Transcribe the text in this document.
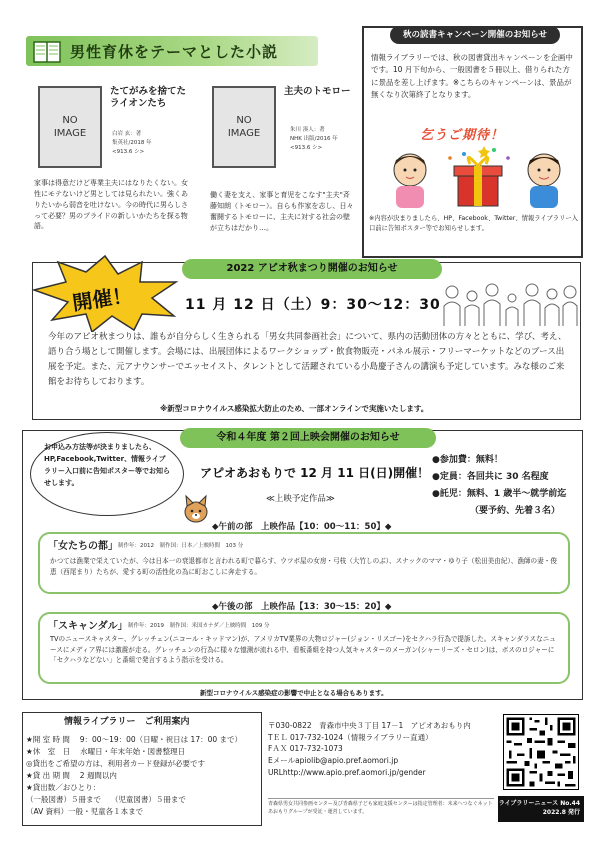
男性育休をテーマとした小説
NO
IMAGE
たてがみを捨てた
ライオンたち
白岩 玄：著
集英社/2018 年
<913.6 シ>
家事は得意だけど専業主夫にはなりたくない。女性にモテないけど男としては見られたい。強くありたいから弱音を吐けない。今の時代に男らしさって必要？男のプライドの新しいかたちを探る物語。
NO
IMAGE
主夫のトモロー
朱川 湊人：著
NHK 出版/2016 年
<913.6 シ>
働く妻を支え、家事と育児をこなす"主夫"斉藤知朗（トモロー）。自らも作家を志し、日々奮闘するトモローに、主夫に対する社会の壁が立ちはだかり…。
秋の読書キャンペーン開催のお知らせ
情報ライブラリーでは、秋の図書貸出キャンペーンを企画中です。10 月下旬から、一般図書を５冊以上、借りられた方に景品を差し上げます。※こちらのキャンペーンは、景品が無くなり次第終了となります。
乞うご期待！
※内容が決まりましたら、HP、Facebook、Twitter、情報ライブラリー入口前に告知ポスター等でお知らせします。
2022 アピオ秋まつり開催のお知らせ
開催！	11 月 12 日（土）9：30～12：30
今年のアピオ秋まつりは、誰もが自分らしく生きられる「男女共同参画社会」について、県内の活動団体の方々とともに、学び、考え、語り合う場として開催します。会場には、出展団体によるワークショップ・飲食物販売・パネル展示・フリーマーケットなどのブース出展を予定。また、元アナウンサーでエッセイスト、タレントとして活躍されている小島慶子さんの講演も予定しています。みな様のご来館をお待ちしております。
※新型コロナウイルス感染拡大防止のため、一部オンラインで実施いたします。
令和４年度 第２回上映会開催のお知らせ
お申込み方法等が決まりましたら、HP,Facebook,Twitter、情報ライブラリー入口前に告知ポスター等でお知らせします。
アピオあおもりで 12 月 11 日(日)開催！
≪上映予定作品≫
●参加費：無料！
●定員：各回共に 30 名程度
●託児：無料、1 歳半～就学前迄
（要予約、先着３名）
◆午前の部　上映作品【10：00～11：50】◆
「女たちの都」 制作年：2012　制作国：日本／上映時間　103 分
かつては漁業で栄えていたが、今は日本一の衰退都市と言われる町で暮らす、ウツボ屋の女房・弓枝（大竹しのぶ）、スナックのママ・ゆり子（松田美由紀）、漁師の妻・俊恵（西尾まり）たちが、愛する町の活性化の為に町おこしに奔走する。
◆午後の部　上映作品【13：30～15：20】◆
「スキャンダル」 制作年：2019　制作国：米国カナダ／上映時間　109 分
TVのニュースキャスター、グレッチェン(ニコール・キッドマン)が、アメリカTV業界の大物ロジャー(ジョン・リスゴー)をセクハラ行為で提訴した。スキャンダラスなニュースにメディア界には激震が走る。グレッチェンの行為に様々な憶測が流れる中、看板番組を持つ人気キャスターのメーガン(シャーリーズ・セロン)は、ボスのロジャーに「セクハラなどない」と番組で発言するよう指示を受ける。
新型コロナウイルス感染症の影響で中止となる場合もあります。
情報ライブラリー　ご利用案内
★開 室 時 間　 9：00～19：00（日曜・祝日は 17：00 まで）
★休　室　日　 水曜日・年末年始・図書整理日
◎貸出をご希望の方は、利用者カード登録が必要です
★貸 出 期 間　 2 週間以内
★貸出数／おひとり：
（一般図書）５冊まで　 （児童図書）５冊まで
（AV 資料）一般・児童各１本まで
〒030-0822　青森市中央３丁目 17－1　アピオあおもり内
TＥＬ 017-732-1024（情報ライブラリー直通）
FＡＸ 017-732-1073
Eメールapiolib@apio.pref.aomori.jp
URLhttp://www.apio.pref.aomori.jp/gender
青森県男女共同参画センター及び青森県子ども家庭支援センターは指定管理者：未来へつなぐネットあおもりグループが受託・運営しています。
ライブラリーニュース No.44
2022.8 発行
